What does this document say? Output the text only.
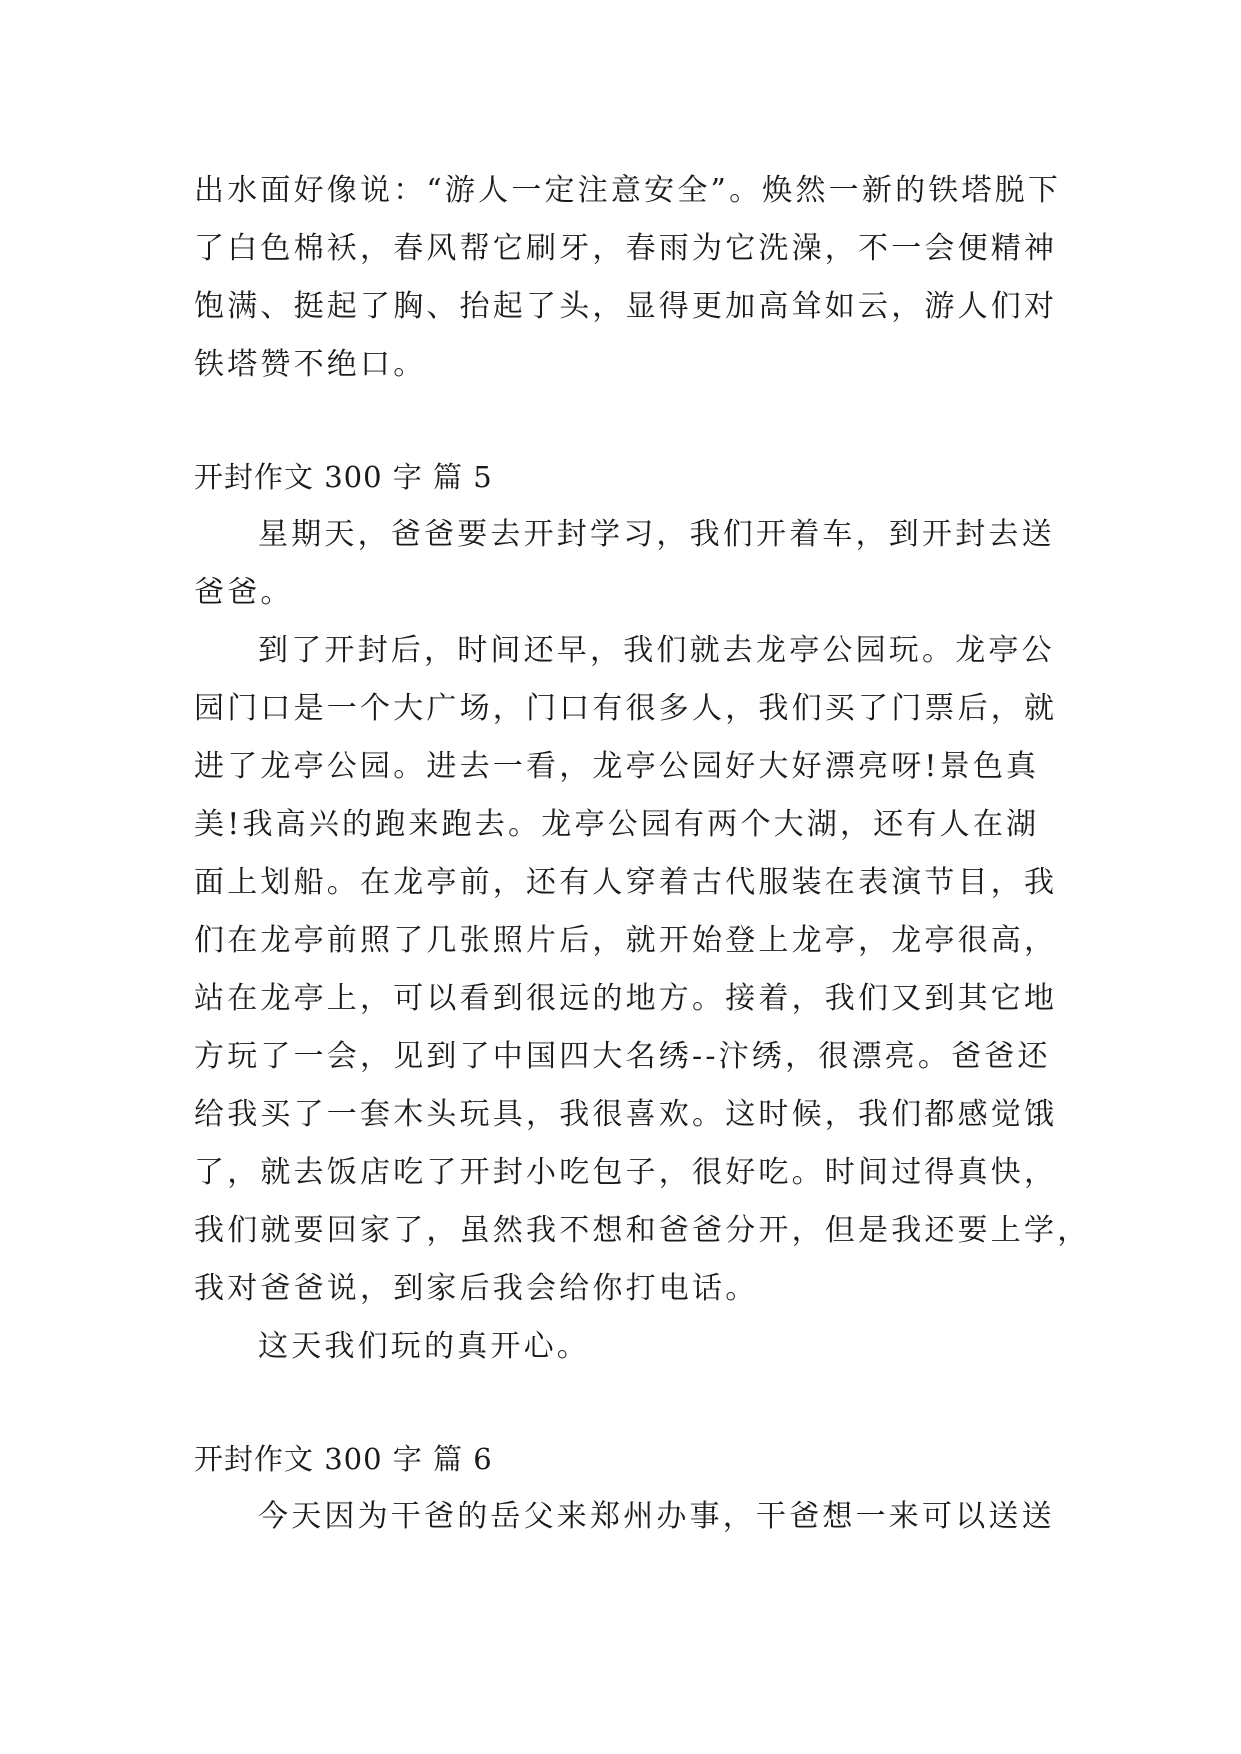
出水面好像说：“游人一定注意安全”。焕然一新的铁塔脱下
了白色棉袄，春风帮它刷牙，春雨为它洗澡，不一会便精神
饱满、挺起了胸、抬起了头，显得更加高耸如云，游人们对
铁塔赞不绝口。
开封作文 300 字 篇 5
星期天，爸爸要去开封学习，我们开着车，到开封去送
爸爸。
到了开封后，时间还早，我们就去龙亭公园玩。龙亭公
园门口是一个大广场，门口有很多人，我们买了门票后，就
进了龙亭公园。进去一看，龙亭公园好大好漂亮呀!景色真
美!我高兴的跑来跑去。龙亭公园有两个大湖，还有人在湖
面上划船。在龙亭前，还有人穿着古代服装在表演节目，我
们在龙亭前照了几张照片后，就开始登上龙亭，龙亭很高，
站在龙亭上，可以看到很远的地方。接着，我们又到其它地
方玩了一会，见到了中国四大名绣--汴绣，很漂亮。爸爸还
给我买了一套木头玩具，我很喜欢。这时候，我们都感觉饿
了，就去饭店吃了开封小吃包子，很好吃。时间过得真快，
我们就要回家了，虽然我不想和爸爸分开，但是我还要上学，
我对爸爸说，到家后我会给你打电话。
这天我们玩的真开心。
开封作文 300 字 篇 6
今天因为干爸的岳父来郑州办事，干爸想一来可以送送
